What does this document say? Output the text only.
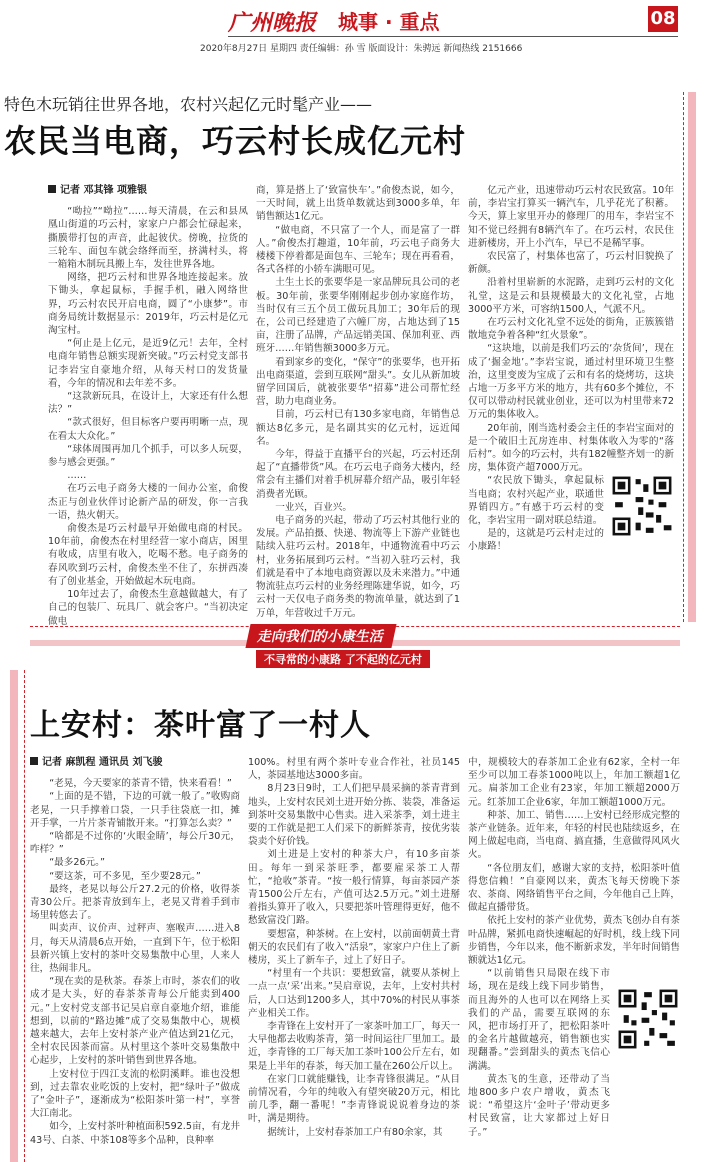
广州晚报 城事 · 重点	08
2020年8月27日 星期四 责任编辑：孙 雪 版面设计：朱骋远 新闻热线 2151666
特色木玩销往世界各地，农村兴起亿元时髦产业——
农民当电商，巧云村长成亿元村
记者 邓其锋 项雅银

“呦拉”“呦拉”……每天清晨，在云和县凤凰山街道的巧云村，家家户户都会忙碌起来，撕膜带打包的声音，此起彼伏。傍晚，拉货的三轮车、面包车就会络绎而至，挤满村头，将一箱箱木制玩具搬上车，发往世界各地。

网络，把巧云村和世界各地连接起来。放下锄头，拿起鼠标，手握手机，融入网络世界，巧云村农民开启电商，圆了“小康梦”。市商务局统计数据显示：2019年，巧云村是亿元淘宝村。

“何止是上亿元，是近9亿元！去年，全村电商年销售总额实现新突破。”巧云村党支部书记李岩宝自豪地介绍，从每天村口的发货量看，今年的情况和去年差不多。

“这款新玩具，在设计上，大家还有什么想法？”

“款式很好，但目标客户要再明晰一点，现在看太大众化。”

“球体周围再加几个抓手，可以多人玩耍，参与感会更强。”

……

在巧云电子商务大楼的一间办公室，俞俊杰正与创业伙伴讨论新产品的研发，你一言我一语，热火朝天。

俞俊杰是巧云村最早开始做电商的村民。10年前，俞俊杰在村里经营一家小商店，困里有收成，店里有收入，吃喝不愁。电子商务的春风吹到巧云村，俞俊杰坐不住了，东拼西凑有了创业基金，开始做起木玩电商。

10年过去了，俞俊杰生意越做越大，有了自己的包装厂、玩具厂、就会客户。“当初决定做电

商，算是搭上了‘致富快车’。”俞俊杰说，如今，一天时间，就上出货单数就达到3000多单，年销售额达1亿元。

“做电商，不只富了一个人，而是富了一群人。”俞俊杰打趣道，10年前，巧云电子商务大楼楼下停着都是面包车、三轮车；现在再看看，各式各样的小轿车满眼可见。

土生土长的张要华是一家品牌玩具公司的老板。30年前，张要华刚刚起步创办家庭作坊，当时仅有三五个员工做玩具加工；30年后的现在，公司已经建造了六幢厂房，占地达到了15亩，注册了品牌，产品远销美国、保加利亚、西班牙……年销售额3000多万元。

看到家乡的变化，“保守”的张要华，也开拓出电商渠道，尝到互联网“甜头”。女儿从新加坡留学回国后，就被张要华“招募”进公司帮忙经营，助力电商业务。

目前，巧云村已有130多家电商，年销售总额达8亿多元，是名副其实的亿元村，远近闻名。

今年，得益于直播平台的兴起，巧云村还刮起了“直播带货”风。在巧云电子商务大楼内，经常会有主播们对着手机屏幕介绍产品，吸引年轻消费者光顾。

一业兴，百业兴。

电子商务的兴起，带动了巧云村其他行业的发展。产品拍摄、快递、物流等上下游产业链也陆续入驻巧云村。2018年，中通物流看中巧云村，业务拓展到巧云村。“当初入驻巧云村，我们就是看中了本地电商资源以及未来潜力。”中通物流驻点巧云村的业务经理陈建华说，如今，巧云村一天仅电子商务类的物流单量，就达到了1万单，年营收过千万元。

亿元产业，迅速带动巧云村农民致富。10年前，李岩宝打算买一辆汽车，几乎花光了积蓄。今天，算上家里开办的修理厂的用车，李岩宝不知不觉已经拥有8辆汽车了。在巧云村，农民住进新楼房，开上小汽车，早已不是稀罕事。

农民富了，村集体也富了，巧云村旧貌换了新颜。

沿着村里崭新的水泥路，走到巧云村的文化礼堂，这是云和县规模最大的文化礼堂，占地3000平方米，可容纳1500人，气派不凡。

在巧云村文化礼堂不远处的街角，正簇簇错散地竞争着各种“红火景象”。

“这块地，以前是我们巧云的‘杂货间’，现在成了‘掘金地’。”李岩宝说，通过村里环境卫生整治，这里变废为宝成了云和有名的烧烤坊，这块占地一万多平方米的地方，共有60多个摊位，不仅可以带动村民就业创业，还可以为村里带来72万元的集体收入。

20年前，刚当选村委会主任的李岩宝面对的是一个破旧土瓦房连串、村集体收入为零的“落后村”。如今的巧云村，共有182幢整齐划一的新房，集体资产超7000万元。

“农民放下锄头，拿起鼠标当电商；农村兴起产业，联通世界销四方。”有感于巧云村的变化，李岩宝用一副对联总结道。

是的，这就是巧云村走过的小康路！

走向我们的小康生活
不寻常的小康路 了不起的亿元村
上安村：茶叶富了一村人
记者 麻凯程 通讯员 刘飞骏

“老晃，今天要家的茶青不错，快来看看！”

“上面的是不错，下边的可就一般了。”收购商老晃，一只手撑着口袋，一只手往袋底一扣，摊开手掌，一片片茶青铺散开来。“打算怎么卖？”

“啥都是不过你的‘火眼金睛’，每公斤30元，咋样？”

“最多26元。”

“要这茶，可不多见，至少要28元。”

最终，老晃以每公斤27.2元的价格，收得茶青30公斤。把茶青放到车上，老晃又背着手到市场里转悠去了。

叫卖声、议价声、过秤声、塞喉声……进入8月，每天从清晨6点开始，一直到下午，位于松阳县新兴镇上安村的茶叶交易集散中心里，人来人往，热闹非凡。

“现在卖的是秋茶。春茶上市时，茶农们的收成才是大头，好的春茶茶青每公斤能卖到400元。”上安村党支部书记吴启章自豪地介绍，谁能想到，以前的“路边摊”成了交易集散中心，规模越来越大，去年上安村茶产业产值达到21亿元，全村农民因茶而富。从村里这个茶叶交易集散中心起步，上安村的茶叶销售到世界各地。

上安村位于四江支流的松阴溪畔。谁也没想到，过去靠农业吃饭的上安村，把“绿叶子”做成了“金叶子”，逐渐成为“松阳茶叶第一村”，享誉大江南北。

如今，上安村茶叶种植面积592.5亩，有龙井43号、白茶、中茶108等多个品种，良种率

100%。村里有两个茶叶专业合作社，社员145人，茶园基地达3000多亩。

8月23日9时，工人们把早晨采摘的茶青背到地头，上安村农民刘土进开始分拣、装袋，准备运到茶叶交易集散中心售卖。进入采茶季，刘土进主要的工作就是把工人们采下的新鲜茶青，按优劣装袋卖个好价钱。

刘土进是上安村的种茶大户，有10多亩茶田。每年一到采茶旺季，都要雇采茶工人帮忙，“抢收”茶青。“按一般行情算，每亩茶园产茶青1500公斤左右，产值可达2.5万元。”刘土进掰着指头算开了收入，只要把茶叶管理得更好，他不愁致富没门路。

要想富，种茶树。在上安村，以前面朝黄土背朝天的农民们有了收入“活泉”，家家户户住上了新楼房，买上了新车子，过上了好日子。

“村里有一个共识：要想致富，就要从茶树上一点一点‘采’出来。”吴启章说，去年，上安村共村后，人口达到1200多人，其中70%的村民从事茶产业相关工作。

李青锋在上安村开了一家茶叶加工厂，每天一大早他都去收购茶青，第一时间运往厂里加工。最近，李青锋的工厂每天加工茶叶100公斤左右，如果是上半年的春茶，每天加工量在260公斤以上。

在家门口就能赚钱，让李青锋很满足。“从目前情况看，今年的纯收入有望突破20万元，相比前几季，翻一番呢！”李青锋说说说着身边的茶叶，满是期待。

据统计，上安村春茶加工户有80余家，其

中，规模较大的春茶加工企业有62家，全村一年至少可以加工春茶1000吨以上，年加工额超1亿元。扁茶加工企业有23家，年加工额超2000万元。红茶加工企业6家，年加工额超1000万元。

种茶、加工、销售……上安村已经形成完整的茶产业链条。近年来，年轻的村民也陆续返乡，在网上做起电商，当电商、搞直播，生意做得风风火火。

“各位朋友们，感谢大家的支持，松阳茶叶值得您信赖！”自豪网以来，黄杰飞每天傍晚下茶农、茶商、网络销售平台之间，今年他自己上阵，做起直播带货。

依托上安村的茶产业优势，黄杰飞创办自有茶叶品牌，紧抓电商快速崛起的好时机，线上线下同步销售，今年以来，他不断新求发，半年时间销售额就达1亿元。

“以前销售只局限在线下市场，现在是线上线下同步销售，而且海外的人也可以在网络上买我们的产品，需要互联网的东风，把市场打开了，把松阳茶叶的金名片越做越亮，销售额也实现翻番。”尝到甜头的黄杰飞信心满满。

黄杰飞的生意，还带动了当地800多户农户增收，黄杰飞说：“希望这片‘金叶子’带动更多村民致富，让大家都过上好日子。”
